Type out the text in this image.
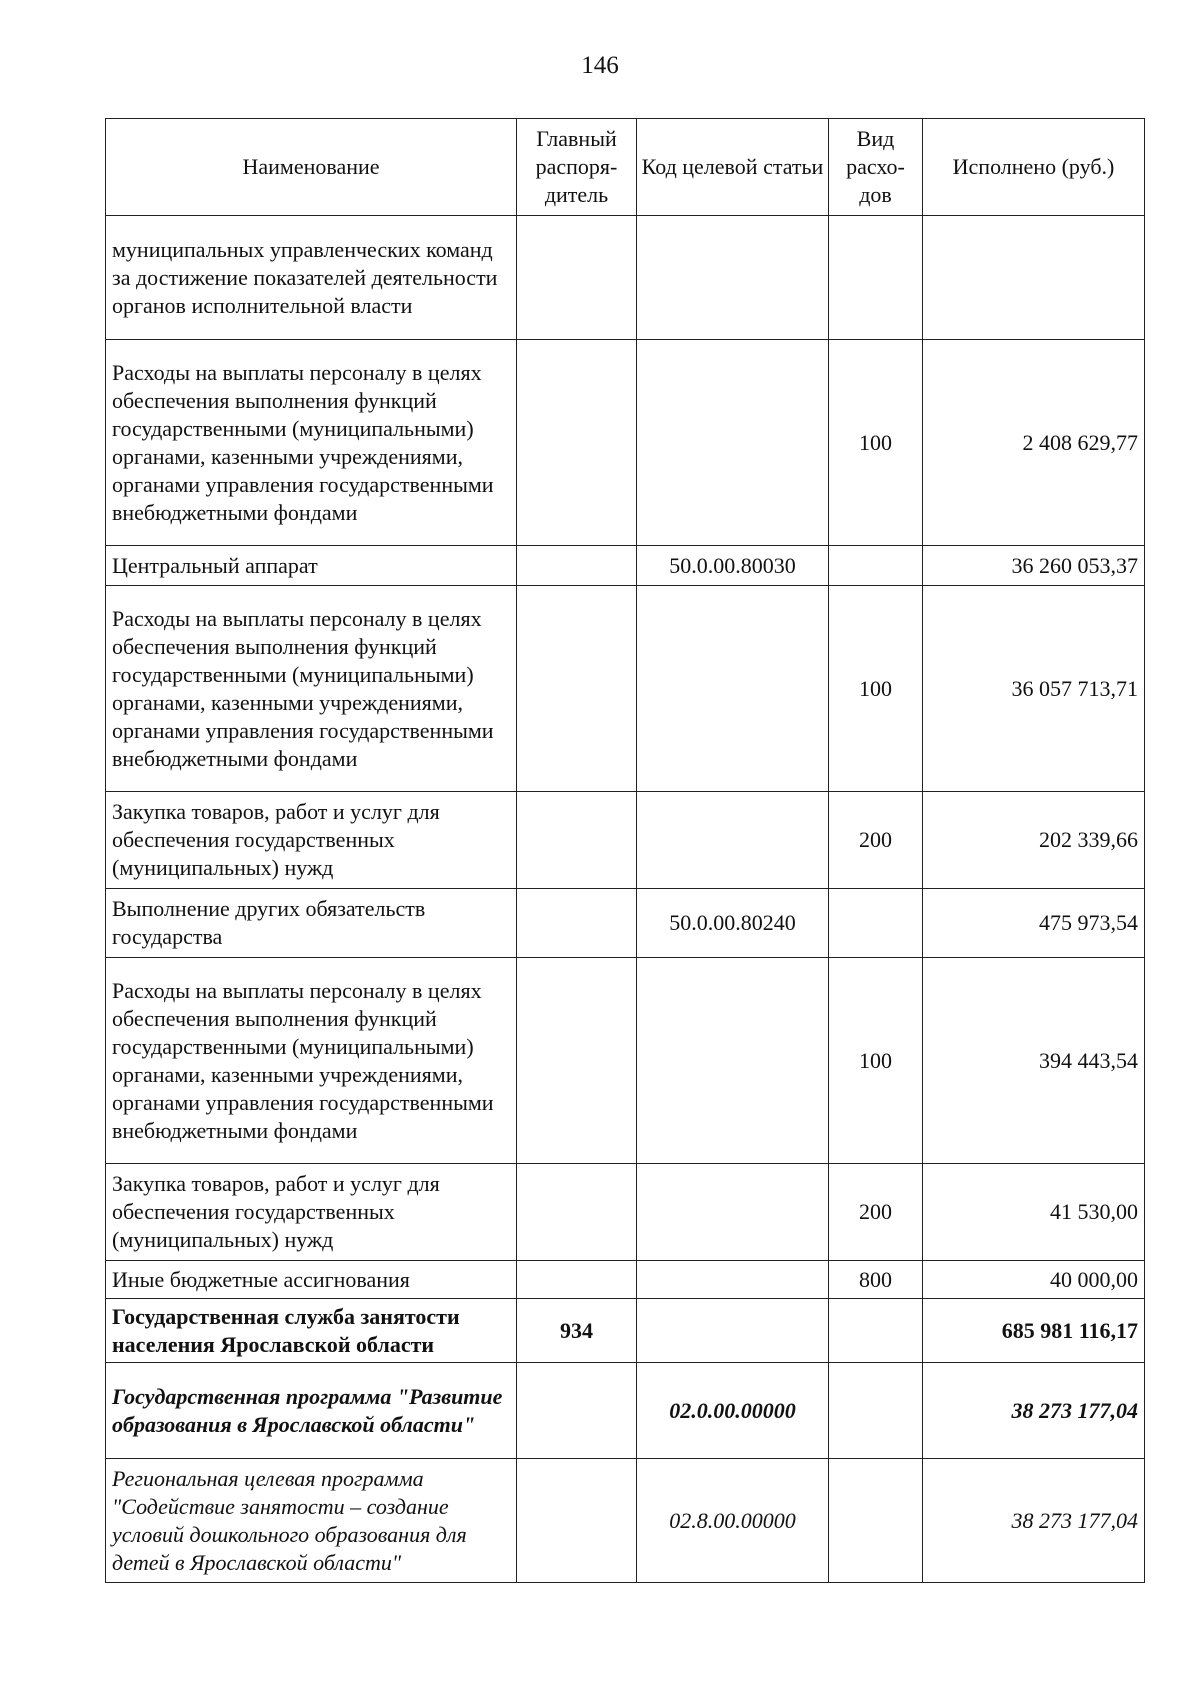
146
Наименование	Главный распоря-дитель	Код целевой статьи	Вид расхо-дов	Исполнено (руб.)
муниципальных управленческих команд за достижение показателей деятельности органов исполнительной власти				
Расходы на выплаты персоналу в целях обеспечения выполнения функций государственными (муниципальными) органами, казенными учреждениями, органами управления государственными внебюджетными фондами			100	2 408 629,77
Центральный аппарат		50.0.00.80030		36 260 053,37
Расходы на выплаты персоналу в целях обеспечения выполнения функций государственными (муниципальными) органами, казенными учреждениями, органами управления государственными внебюджетными фондами			100	36 057 713,71
Закупка товаров, работ и услуг для обеспечения государственных (муниципальных) нужд			200	202 339,66
Выполнение других обязательств государства		50.0.00.80240		475 973,54
Расходы на выплаты персоналу в целях обеспечения выполнения функций государственными (муниципальными) органами, казенными учреждениями, органами управления государственными внебюджетными фондами			100	394 443,54
Закупка товаров, работ и услуг для обеспечения государственных (муниципальных) нужд			200	41 530,00
Иные бюджетные ассигнования			800	40 000,00
Государственная служба занятости населения Ярославской области	934			685 981 116,17
Государственная программа "Развитие образования в Ярославской области"		02.0.00.00000		38 273 177,04
Региональная целевая программа "Содействие занятости – создание условий дошкольного образования для детей в Ярославской области"		02.8.00.00000		38 273 177,04
